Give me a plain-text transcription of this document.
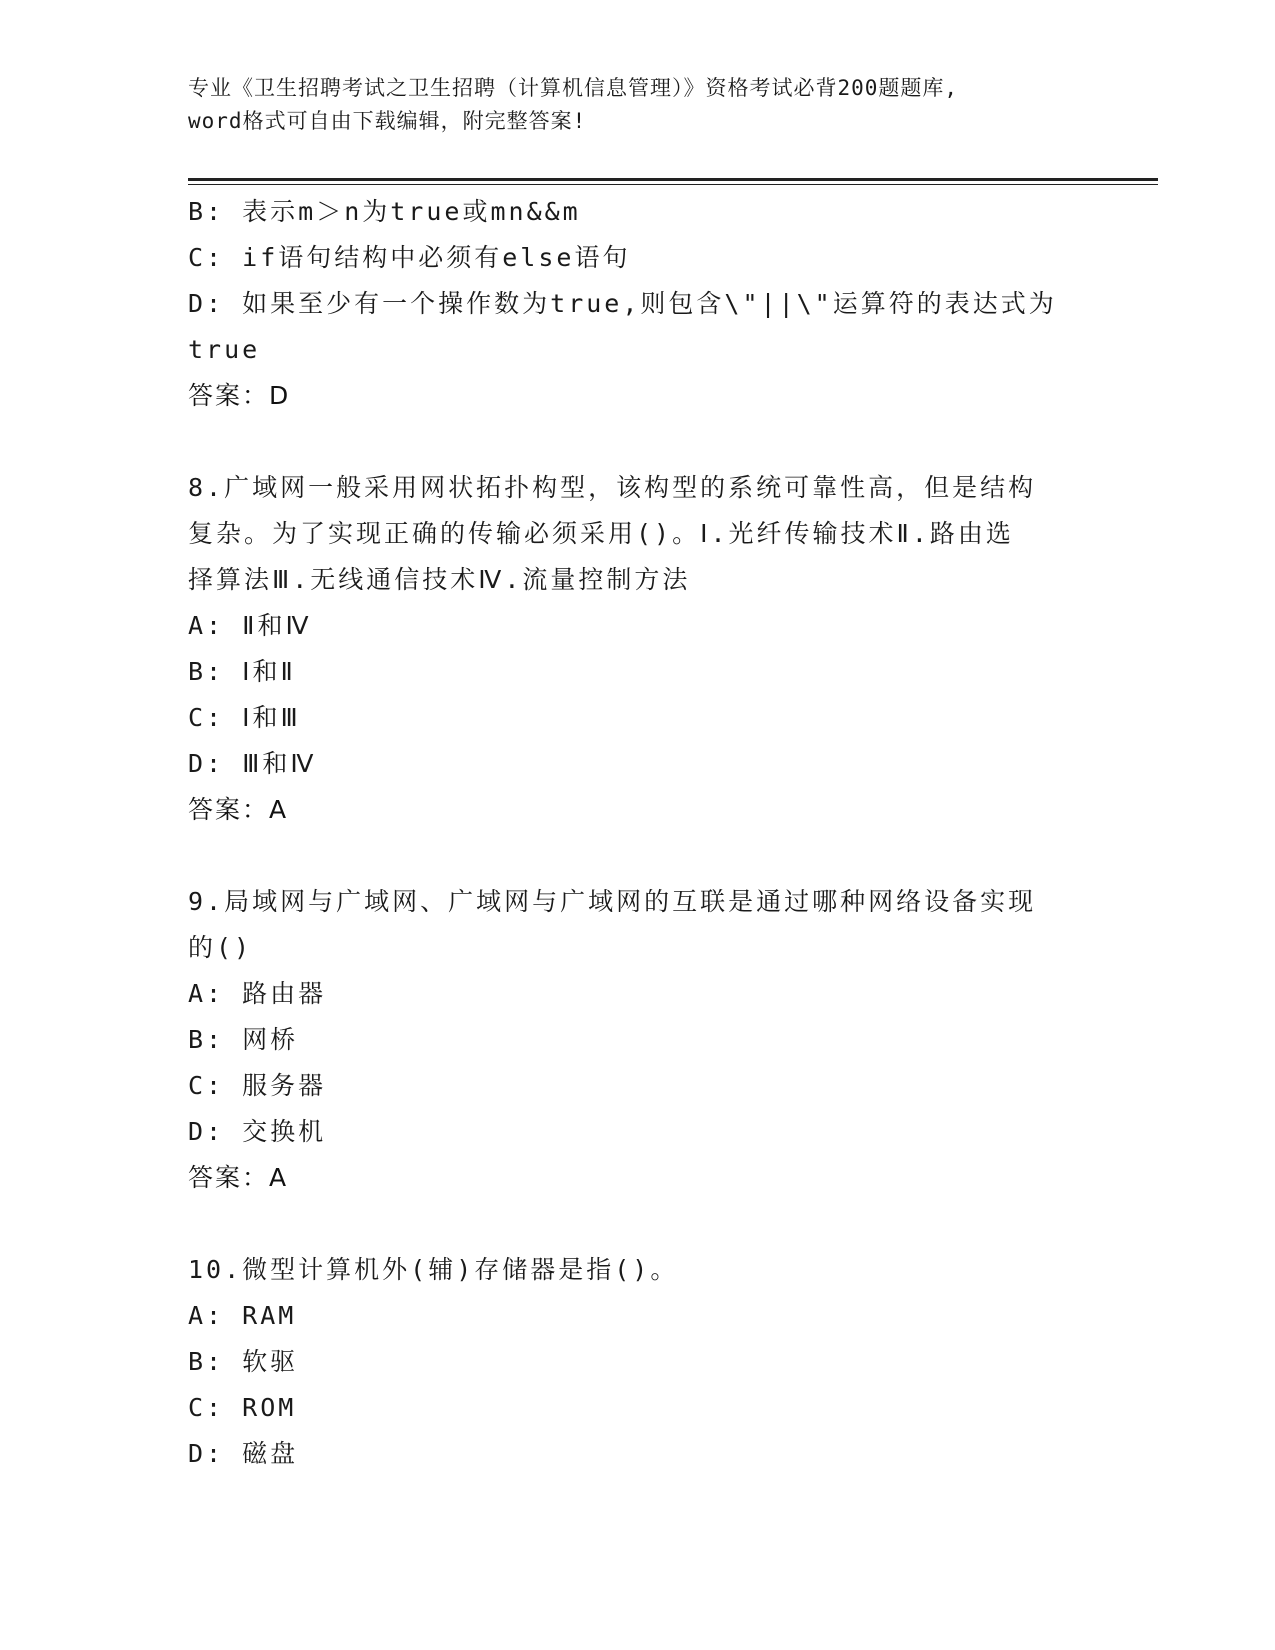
专业《卫生招聘考试之卫生招聘（计算机信息管理）》资格考试必背200题题库,
word格式可自由下载编辑，附完整答案!
B: 表示m＞n为true或mn&&m
C: if语句结构中必须有else语句
D: 如果至少有一个操作数为true,则包含\"||\"运算符的表达式为
true
答案：D
8.广域网一般采用网状拓扑构型，该构型的系统可靠性高，但是结构
复杂。为了实现正确的传输必须采用()。Ⅰ.光纤传输技术Ⅱ.路由选
择算法Ⅲ.无线通信技术Ⅳ.流量控制方法
A: Ⅱ和Ⅳ
B: Ⅰ和Ⅱ
C: Ⅰ和Ⅲ
D: Ⅲ和Ⅳ
答案：A
9.局域网与广域网、广域网与广域网的互联是通过哪种网络设备实现
的()
A: 路由器
B: 网桥
C: 服务器
D: 交换机
答案：A
10.微型计算机外(辅)存储器是指()。
A: RAM
B: 软驱
C: ROM
D: 磁盘
